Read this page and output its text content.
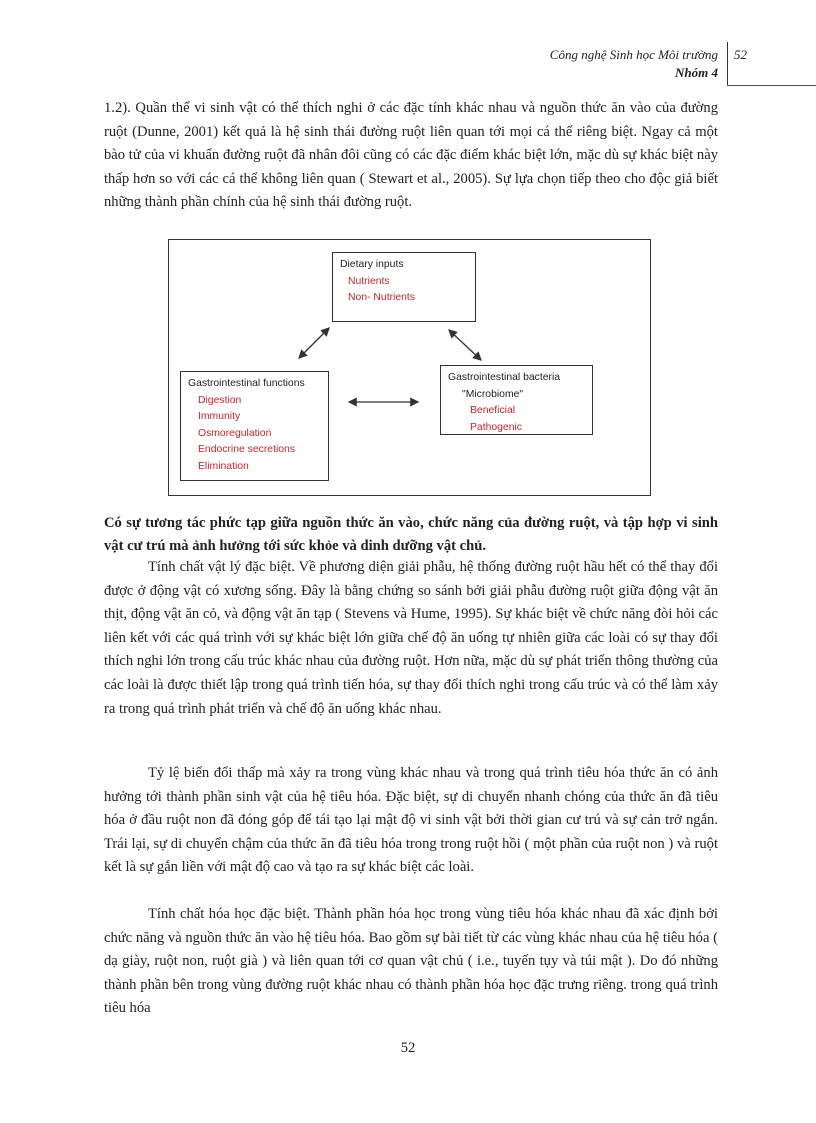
Công nghệ Sinh học Môi trường
Nhóm 4
52
1.2). Quần thể vi sinh vật có thể thích nghi ở các đặc tính khác nhau và nguồn thức ăn vào của đường ruột (Dunne, 2001) kết quả là hệ sinh thái đường ruột liên quan tới mọi cá thể riêng biệt. Ngay cả một bào tử của vi khuẩn đường ruột đã nhân đôi cũng có các đặc điểm khác biệt lớn, mặc dù sự khác biệt này thấp hơn so với các cá thể không liên quan ( Stewart et al., 2005). Sự lựa chọn tiếp theo cho độc giả biết những thành phần chính của hệ sinh thái đường ruột.
Dietary inputs
Nutrients
Non- Nutrients
Gastrointestinal functions
Digestion
Immunity
Osmoregulation
Endocrine secretions
Elimination
Gastrointestinal bacteria
"Microbiome"
Beneficial
Pathogenic
Có sự tương tác phức tạp giữa nguồn thức ăn vào, chức năng của đường ruột, và tập hợp vi sinh vật cư trú mà ảnh hưởng tới sức khỏe và dinh dưỡng vật chủ.
Tính chất vật lý đặc biệt. Về phương diện giải phẫu, hệ thống đường ruột hầu hết có thể thay đổi được ở động vật có xương sống. Đây là bằng chứng so sánh bởi giải phẫu đường ruột giữa động vật ăn thịt, động vật ăn cỏ, và động vật ăn tạp ( Stevens và Hume, 1995). Sự khác biệt về chức năng đòi hỏi các liên kết với các quá trình với sự khác biệt lớn giữa chế độ ăn uống tự nhiên giữa các loài có sự thay đổi thích nghi lớn trong cấu trúc khác nhau của đường ruột. Hơn nữa, mặc dù sự phát triển thông thường của các loài là được thiết lập trong quá trình tiến hóa, sự thay đổi thích nghi trong cấu trúc và có thể làm xảy ra trong quá trình phát triển và chế độ ăn uống khác nhau.
Tỷ lệ biến đổi thấp mà xảy ra trong vùng khác nhau và trong quá trình tiêu hóa thức ăn có ảnh hưởng tới thành phần sinh vật của hệ tiêu hóa. Đặc biệt, sự di chuyển nhanh chóng của thức ăn đã tiêu hóa ở đầu ruột non đã đóng góp để tái tạo lại mật độ vi sinh vật bởi thời gian cư trú và sự cản trở ngắn. Trái lại, sự di chuyển chậm của thức ăn đã tiêu hóa trong trong ruột hồi ( một phần của ruột non ) và ruột kết là sự gắn liền với mật độ cao và tạo ra sự khác biệt các loài.
Tính chất hóa học đặc biệt. Thành phần hóa học trong vùng tiêu hóa khác nhau đã xác định bởi chức năng và nguồn thức ăn vào hệ tiêu hóa. Bao gồm sự bài tiết từ các vùng khác nhau của hệ tiêu hóa ( dạ giày, ruột non, ruột già ) và liên quan tới cơ quan vật chủ ( i.e., tuyến tụy và túi mật ). Do đó những thành phần bên trong vùng đường ruột khác nhau có thành phần hóa học đặc trưng riêng. trong quá trình tiêu hóa
52
